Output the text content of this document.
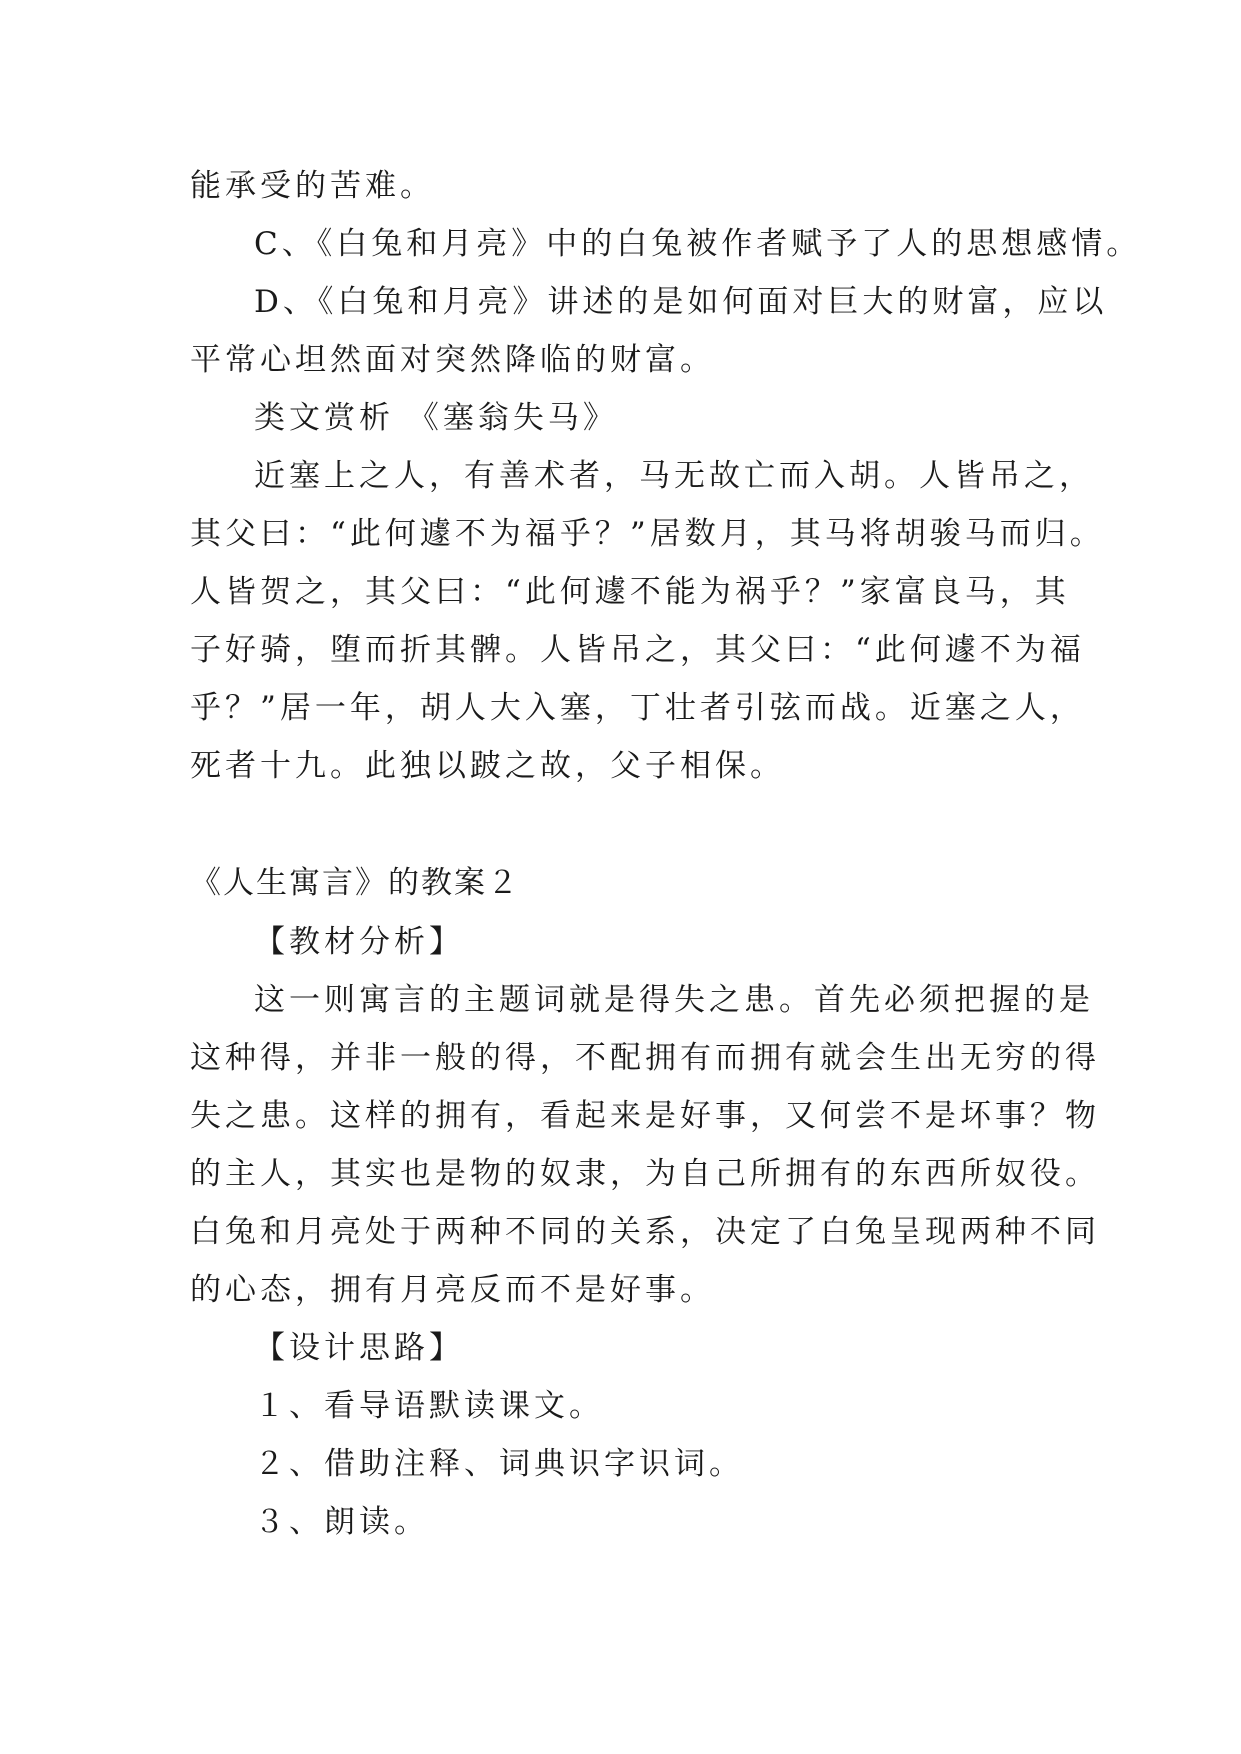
能承受的苦难。
C、《白兔和月亮》中的白兔被作者赋予了人的思想感情。
D、《白兔和月亮》讲述的是如何面对巨大的财富，应以
平常心坦然面对突然降临的财富。
类文赏析 《塞翁失马》
近塞上之人，有善术者，马无故亡而入胡。人皆吊之，
其父曰：“此何遽不为福乎？”居数月，其马将胡骏马而归。
人皆贺之，其父曰：“此何遽不能为祸乎？”家富良马，其
子好骑，堕而折其髀。人皆吊之，其父曰：“此何遽不为福
乎？”居一年，胡人大入塞，丁壮者引弦而战。近塞之人，
死者十九。此独以跛之故，父子相保。
《人生寓言》的教案２
【教材分析】
这一则寓言的主题词就是得失之患。首先必须把握的是
这种得，并非一般的得，不配拥有而拥有就会生出无穷的得
失之患。这样的拥有，看起来是好事，又何尝不是坏事？物
的主人，其实也是物的奴隶，为自己所拥有的东西所奴役。
白兔和月亮处于两种不同的关系，决定了白兔呈现两种不同
的心态，拥有月亮反而不是好事。
【设计思路】
１、看导语默读课文。
２、借助注释、词典识字识词。
３、朗读。
